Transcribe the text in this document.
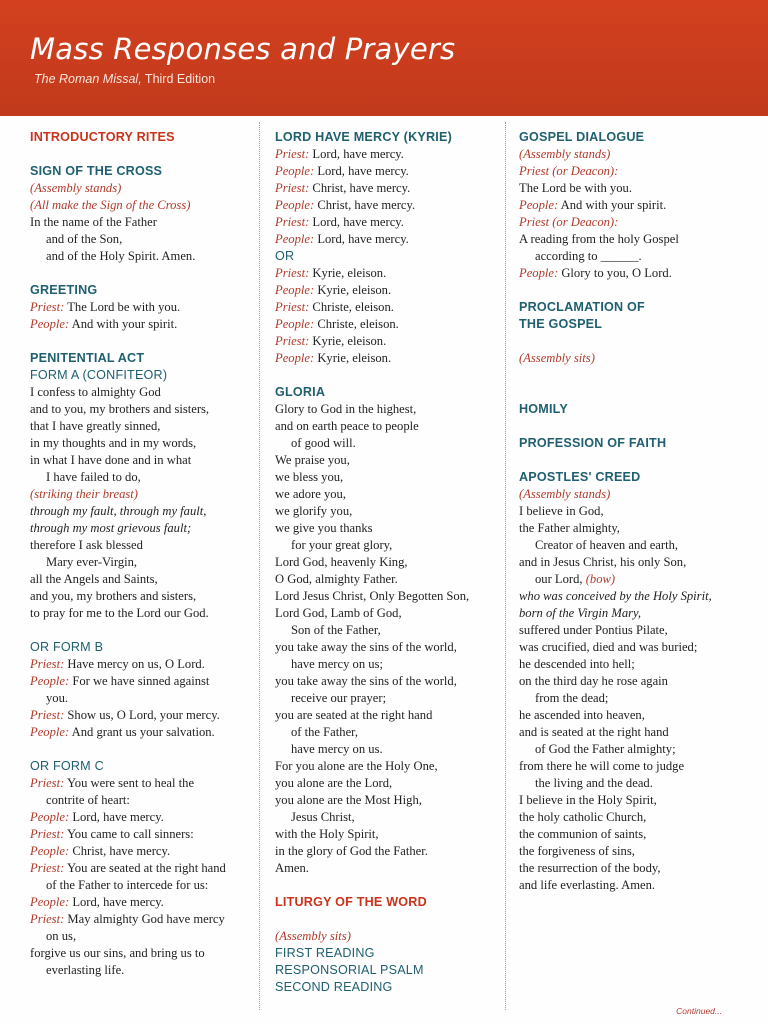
Mass Responses and Prayers
The Roman Missal, Third Edition
INTRODUCTORY RITES
SIGN OF THE CROSS
(Assembly stands)
(All make the Sign of the Cross)
In the name of the Father
and of the Son,
and of the Holy Spirit. Amen.
GREETING
Priest: The Lord be with you.
People: And with your spirit.
PENITENTIAL ACT
FORM A (CONFITEOR)
I confess to almighty God
and to you, my brothers and sisters,
that I have greatly sinned,
in my thoughts and in my words,
in what I have done and in what
I have failed to do,
(striking their breast)
through my fault, through my fault,
through my most grievous fault;
therefore I ask blessed
Mary ever-Virgin,
all the Angels and Saints,
and you, my brothers and sisters,
to pray for me to the Lord our God.
OR FORM B
Priest: Have mercy on us, O Lord.
People: For we have sinned against
you.
Priest: Show us, O Lord, your mercy.
People: And grant us your salvation.
OR FORM C
Priest: You were sent to heal the
contrite of heart:
People: Lord, have mercy.
Priest: You came to call sinners:
People: Christ, have mercy.
Priest: You are seated at the right hand
of the Father to intercede for us:
People: Lord, have mercy.
Priest: May almighty God have mercy
on us,
forgive us our sins, and bring us to
everlasting life.
LORD HAVE MERCY (KYRIE)
Priest: Lord, have mercy.
People: Lord, have mercy.
Priest: Christ, have mercy.
People: Christ, have mercy.
Priest: Lord, have mercy.
People: Lord, have mercy.
OR
Priest: Kyrie, eleison.
People: Kyrie, eleison.
Priest: Christe, eleison.
People: Christe, eleison.
Priest: Kyrie, eleison.
People: Kyrie, eleison.
GLORIA
Glory to God in the highest,
and on earth peace to people
of good will.
We praise you,
we bless you,
we adore you,
we glorify you,
we give you thanks
for your great glory,
Lord God, heavenly King,
O God, almighty Father.
Lord Jesus Christ, Only Begotten Son,
Lord God, Lamb of God,
Son of the Father,
you take away the sins of the world,
have mercy on us;
you take away the sins of the world,
receive our prayer;
you are seated at the right hand
of the Father,
have mercy on us.
For you alone are the Holy One,
you alone are the Lord,
you alone are the Most High,
Jesus Christ,
with the Holy Spirit,
in the glory of God the Father.
Amen.
LITURGY OF THE WORD
(Assembly sits)
FIRST READING
RESPONSORIAL PSALM
SECOND READING
GOSPEL DIALOGUE
(Assembly stands)
Priest (or Deacon):
The Lord be with you.
People: And with your spirit.
Priest (or Deacon):
A reading from the holy Gospel
according to ______.
People: Glory to you, O Lord.
PROCLAMATION OF
THE GOSPEL
(Assembly sits)
HOMILY
PROFESSION OF FAITH
APOSTLES' CREED
(Assembly stands)
I believe in God,
the Father almighty,
Creator of heaven and earth,
and in Jesus Christ, his only Son,
our Lord, (bow)
who was conceived by the Holy Spirit,
born of the Virgin Mary,
suffered under Pontius Pilate,
was crucified, died and was buried;
he descended into hell;
on the third day he rose again
from the dead;
he ascended into heaven,
and is seated at the right hand
of God the Father almighty;
from there he will come to judge
the living and the dead.
I believe in the Holy Spirit,
the holy catholic Church,
the communion of saints,
the forgiveness of sins,
the resurrection of the body,
and life everlasting. Amen.
Continued...
